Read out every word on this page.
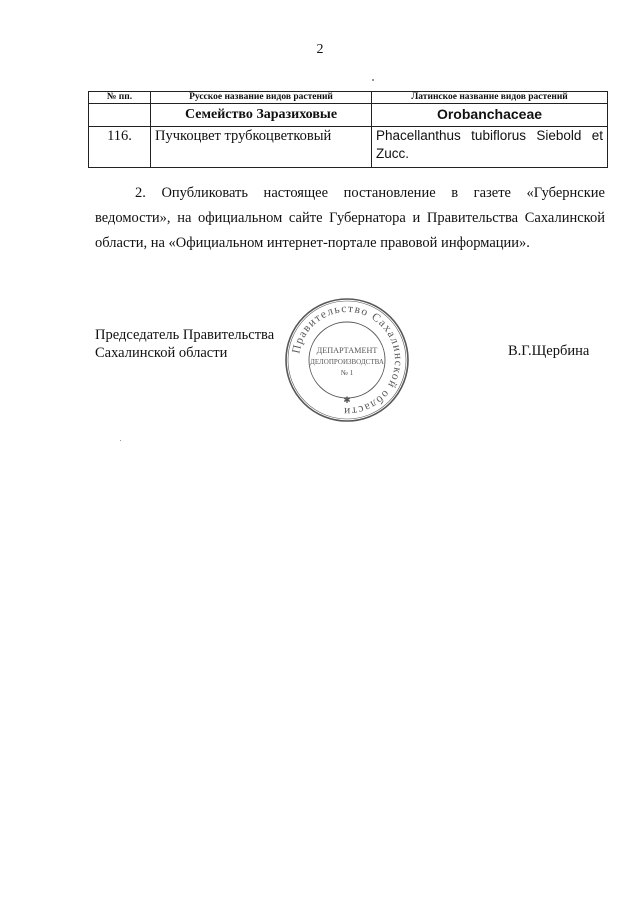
2
№ пп.	Русское название видов растений	Латинское название видов растений
	Семейство Заразиховые	Orobanchaceae
116.	Пучкоцвет трубкоцветковый	Phacellanthus tubiflorus Siebold et Zucc.

2. Опубликовать настоящее постановление в газете «Губернские ведомости», на официальном сайте Губернатора и Правительства Сахалинской области, на «Официальном интернет-портале правовой информации».

Председатель Правительства
Сахалинской области	В.Г.Щербина
Правительство Сахалинской области
✱
ДЕПАРТАМЕНТ
ДЕЛОПРОИЗВОДСТВА
№ 1
